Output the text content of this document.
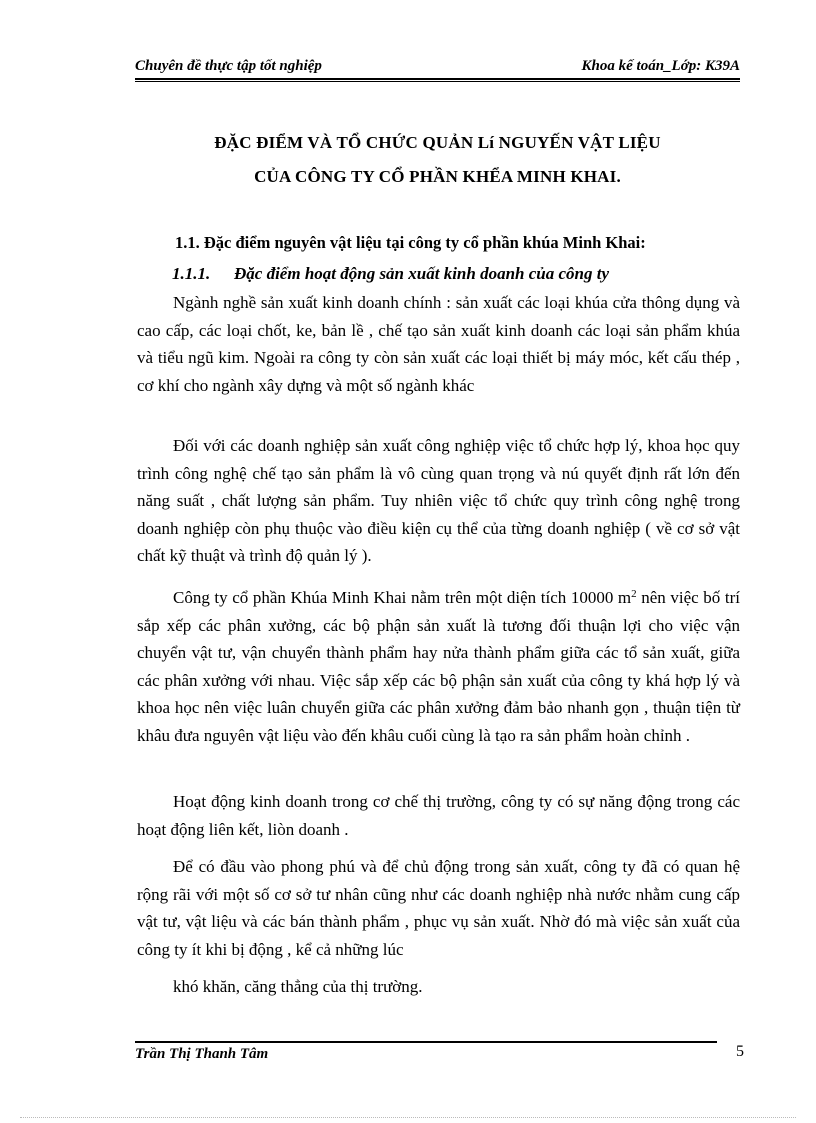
Chuyên đề thực tập tốt nghiệp	Khoa kế toán_Lớp: K39A
ĐẶC ĐIỂM VÀ TỔ CHỨC QUẢN Lí NGUYẾN VẬT LIỆU
CỦA CÔNG TY CỔ PHẦN KHỂA MINH KHAI.
1.1. Đặc điểm nguyên vật liệu tại công ty cổ phần khúa Minh Khai:
1.1.1. Đặc điểm hoạt động sản xuất kinh doanh của công ty
Ngành nghề sản xuất kinh doanh chính : sản xuất các loại khúa cửa thông dụng và cao cấp, các loại chốt, ke, bản lề , chế tạo sản xuất kinh doanh các loại sản phẩm khúa và tiểu ngũ kim. Ngoài ra công ty còn sản xuất các loại thiết bị máy móc, kết cấu thép , cơ khí cho ngành xây dựng và một số ngành khác
Đối với các doanh nghiệp sản xuất công nghiệp việc tổ chức hợp lý, khoa học quy trình công nghệ chế tạo sản phẩm là vô cùng quan trọng và nú quyết định rất lớn đến năng suất , chất lượng sản phẩm. Tuy nhiên việc tổ chức quy trình công nghệ trong doanh nghiệp còn phụ thuộc vào điều kiện cụ thể của từng doanh nghiệp ( về cơ sở vật chất kỹ thuật và trình độ quản lý ).
Công ty cổ phần Khúa Minh Khai nằm trên một diện tích 10000 $m^2$ nên việc bố trí sắp xếp các phân xưởng, các bộ phận sản xuất là tương đối thuận lợi cho việc vận chuyển vật tư, vận chuyển thành phẩm hay nửa thành phẩm giữa các tổ sản xuất, giữa các phân xưởng với nhau. Việc sắp xếp các bộ phận sản xuất của công ty khá hợp lý và khoa học nên việc luân chuyển giữa các phân xưởng đảm bảo nhanh gọn , thuận tiện từ khâu đưa nguyên vật liệu vào đến khâu cuối cùng là tạo ra sản phẩm hoàn chỉnh .
Hoạt động kinh doanh trong cơ chế thị trường, công ty có sự năng động trong các hoạt động liên kết, liòn doanh .
Để có đầu vào phong phú và để chủ động trong sản xuất, công ty đã có quan hệ rộng rãi với một số cơ sở tư nhân cũng như các doanh nghiệp nhà nước nhằm cung cấp vật tư, vật liệu và các bán thành phẩm , phục vụ sản xuất. Nhờ đó mà việc sản xuất của công ty ít khi bị động , kể cả những lúc
khó khăn, căng thẳng của thị trường.
Trần Thị Thanh Tâm	5
